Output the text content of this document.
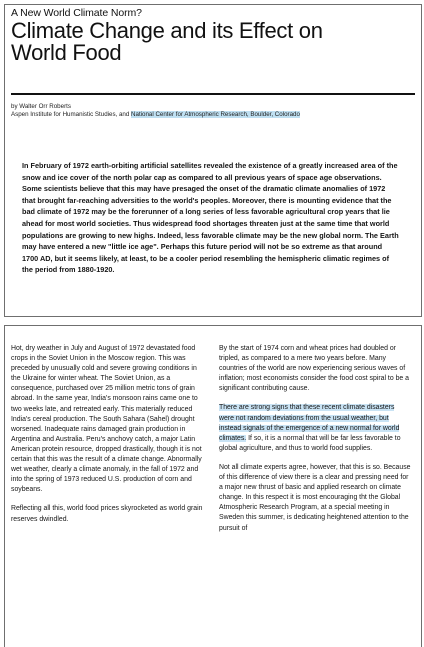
A New World Climate Norm?
Climate Change and its Effect on
World Food
by Walter Orr Roberts
Aspen Institute for Humanistic Studies, and National Center for Atmospheric Research, Boulder, Colorado

In February of 1972 earth-orbiting artificial satellites revealed the existence of a greatly increased area of the snow and ice cover of the north polar cap as compared to all previous years of space age observations. Some scientists believe that this may have presaged the onset of the dramatic climate anomalies of 1972 that brought far-reaching adversities to the world's peoples. Moreover, there is mounting evidence that the bad climate of 1972 may be the forerunner of a long series of less favorable agricultural crop years that lie ahead for most world societies. Thus widespread food shortages threaten just at the same time that world populations are growing to new highs. Indeed, less favorable climate may be the new global norm. The Earth may have entered a new "little ice age". Perhaps this future period will not be so extreme as that around 1700 AD, but it seems likely, at least, to be a cooler period resembling the hemispheric climatic regimes of the period from 1880-1920.

Hot, dry weather in July and August of 1972 devastated food crops in the Soviet Union in the Moscow region. This was preceded by unusually cold and severe growing conditions in the Ukraine for winter wheat. The Soviet Union, as a consequence, purchased over 25 million metric tons of grain abroad. In the same year, India's monsoon rains came one to two weeks late, and retreated early. This materially reduced India's cereal production. The South Sahara (Sahel) drought worsened. Inadequate rains damaged grain production in Argentina and Australia. Peru's anchovy catch, a major Latin American protein resource, dropped drastically, though it is not certain that this was the result of a climate change. Abnormally wet weather, clearly a climate anomaly, in the fall of 1972 and into the spring of 1973 reduced U.S. production of corn and soybeans.

Reflecting all this, world food prices skyrocketed as world grain reserves dwindled.

By the start of 1974 corn and wheat prices had doubled or tripled, as compared to a mere two years before. Many countries of the world are now experiencing serious waves of inflation; most economists consider the food cost spiral to be a significant contributing cause.

There are strong signs that these recent climate disasters were not random deviations from the usual weather, but instead signals of the emergence of a new normal for world climates. If so, it is a normal that will be far less favorable to global agriculture, and thus to world food supplies.

Not all climate experts agree, however, that this is so. Because of this difference of view there is a clear and pressing need for a major new thrust of basic and applied research on climate change. In this respect it is most encouraging tht the Global Atmospheric Research Program, at a special meeting in Sweden this summer, is dedicating heightened attention to the pursuit of
